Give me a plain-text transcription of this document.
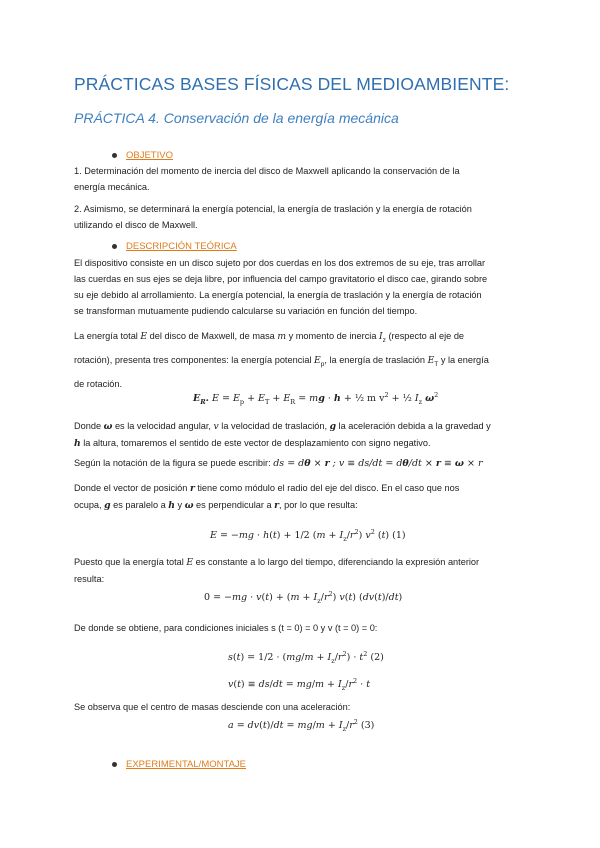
PRÁCTICAS BASES FÍSICAS DEL MEDIOAMBIENTE:
PRÁCTICA 4. Conservación de la energía mecánica
OBJETIVO
1. Determinación del momento de inercia del disco de Maxwell aplicando la conservación de la
energía mecánica.
2. Asimismo, se determinará la energía potencial, la energía de traslación y la energía de rotación
utilizando el disco de Maxwell.
DESCRIPCIÓN TEÓRICA
El dispositivo consiste en un disco sujeto por dos cuerdas en los dos extremos de su eje, tras arrollar
las cuerdas en sus ejes se deja libre, por influencia del campo gravitatorio el disco cae, girando sobre
su eje debido al arrollamiento. La energía potencial, la energía de traslación y la energía de rotación
se transforman mutuamente pudiendo calcularse su variación en función del tiempo.
La energía total E del disco de Maxwell, de masa m y momento de inercia $I_z$ (respecto al eje de
rotación), presenta tres componentes: la energía potencial $E_p$, la energía de traslación $E_T$ y la energía
de rotación.
$E_R$. $E = E_p + E_T + E_R$ = mg · h + ½ m $v^2$ + ½ $I_z$ $\omega^2$
Donde ω es la velocidad angular, v la velocidad de traslación, g la aceleración debida a la gravedad y
h la altura, tomaremos el sentido de este vector de desplazamiento con signo negativo.
Según la notación de la figura se puede escribir: ds = dθ × r ; v ≡ ds/dt = dθ/dt × r ≡ ω × r
Donde el vector de posición r tiene como módulo el radio del eje del disco. En el caso que nos
ocupa, g es paralelo a h y ω es perpendicular a r, por lo que resulta:
E = −mg · h(t) + 1/2 $(m + I_z/r^2)$ $v^2$ (t) (1)
Puesto que la energía total E es constante a lo largo del tiempo, diferenciando la expresión anterior
resulta:
$0 = -mg \cdot v(t) + (m + I_z/r^2)$ v(t) (dv(t)/dt)
De donde se obtiene, para condiciones iniciales s (t = 0) = 0 y v (t = 0) = 0:
$s(t) = 1/2 \cdot (mg/m + I_z/r^2) \cdot t^2$ (2)
$v(t) \equiv ds/dt = mg/m + I_z/r^2 \cdot t$
Se observa que el centro de masas desciende con una aceleración:
$a = dv(t)/dt = mg/m + I_z/r^2$ (3)
EXPERIMENTAL/MONTAJE
